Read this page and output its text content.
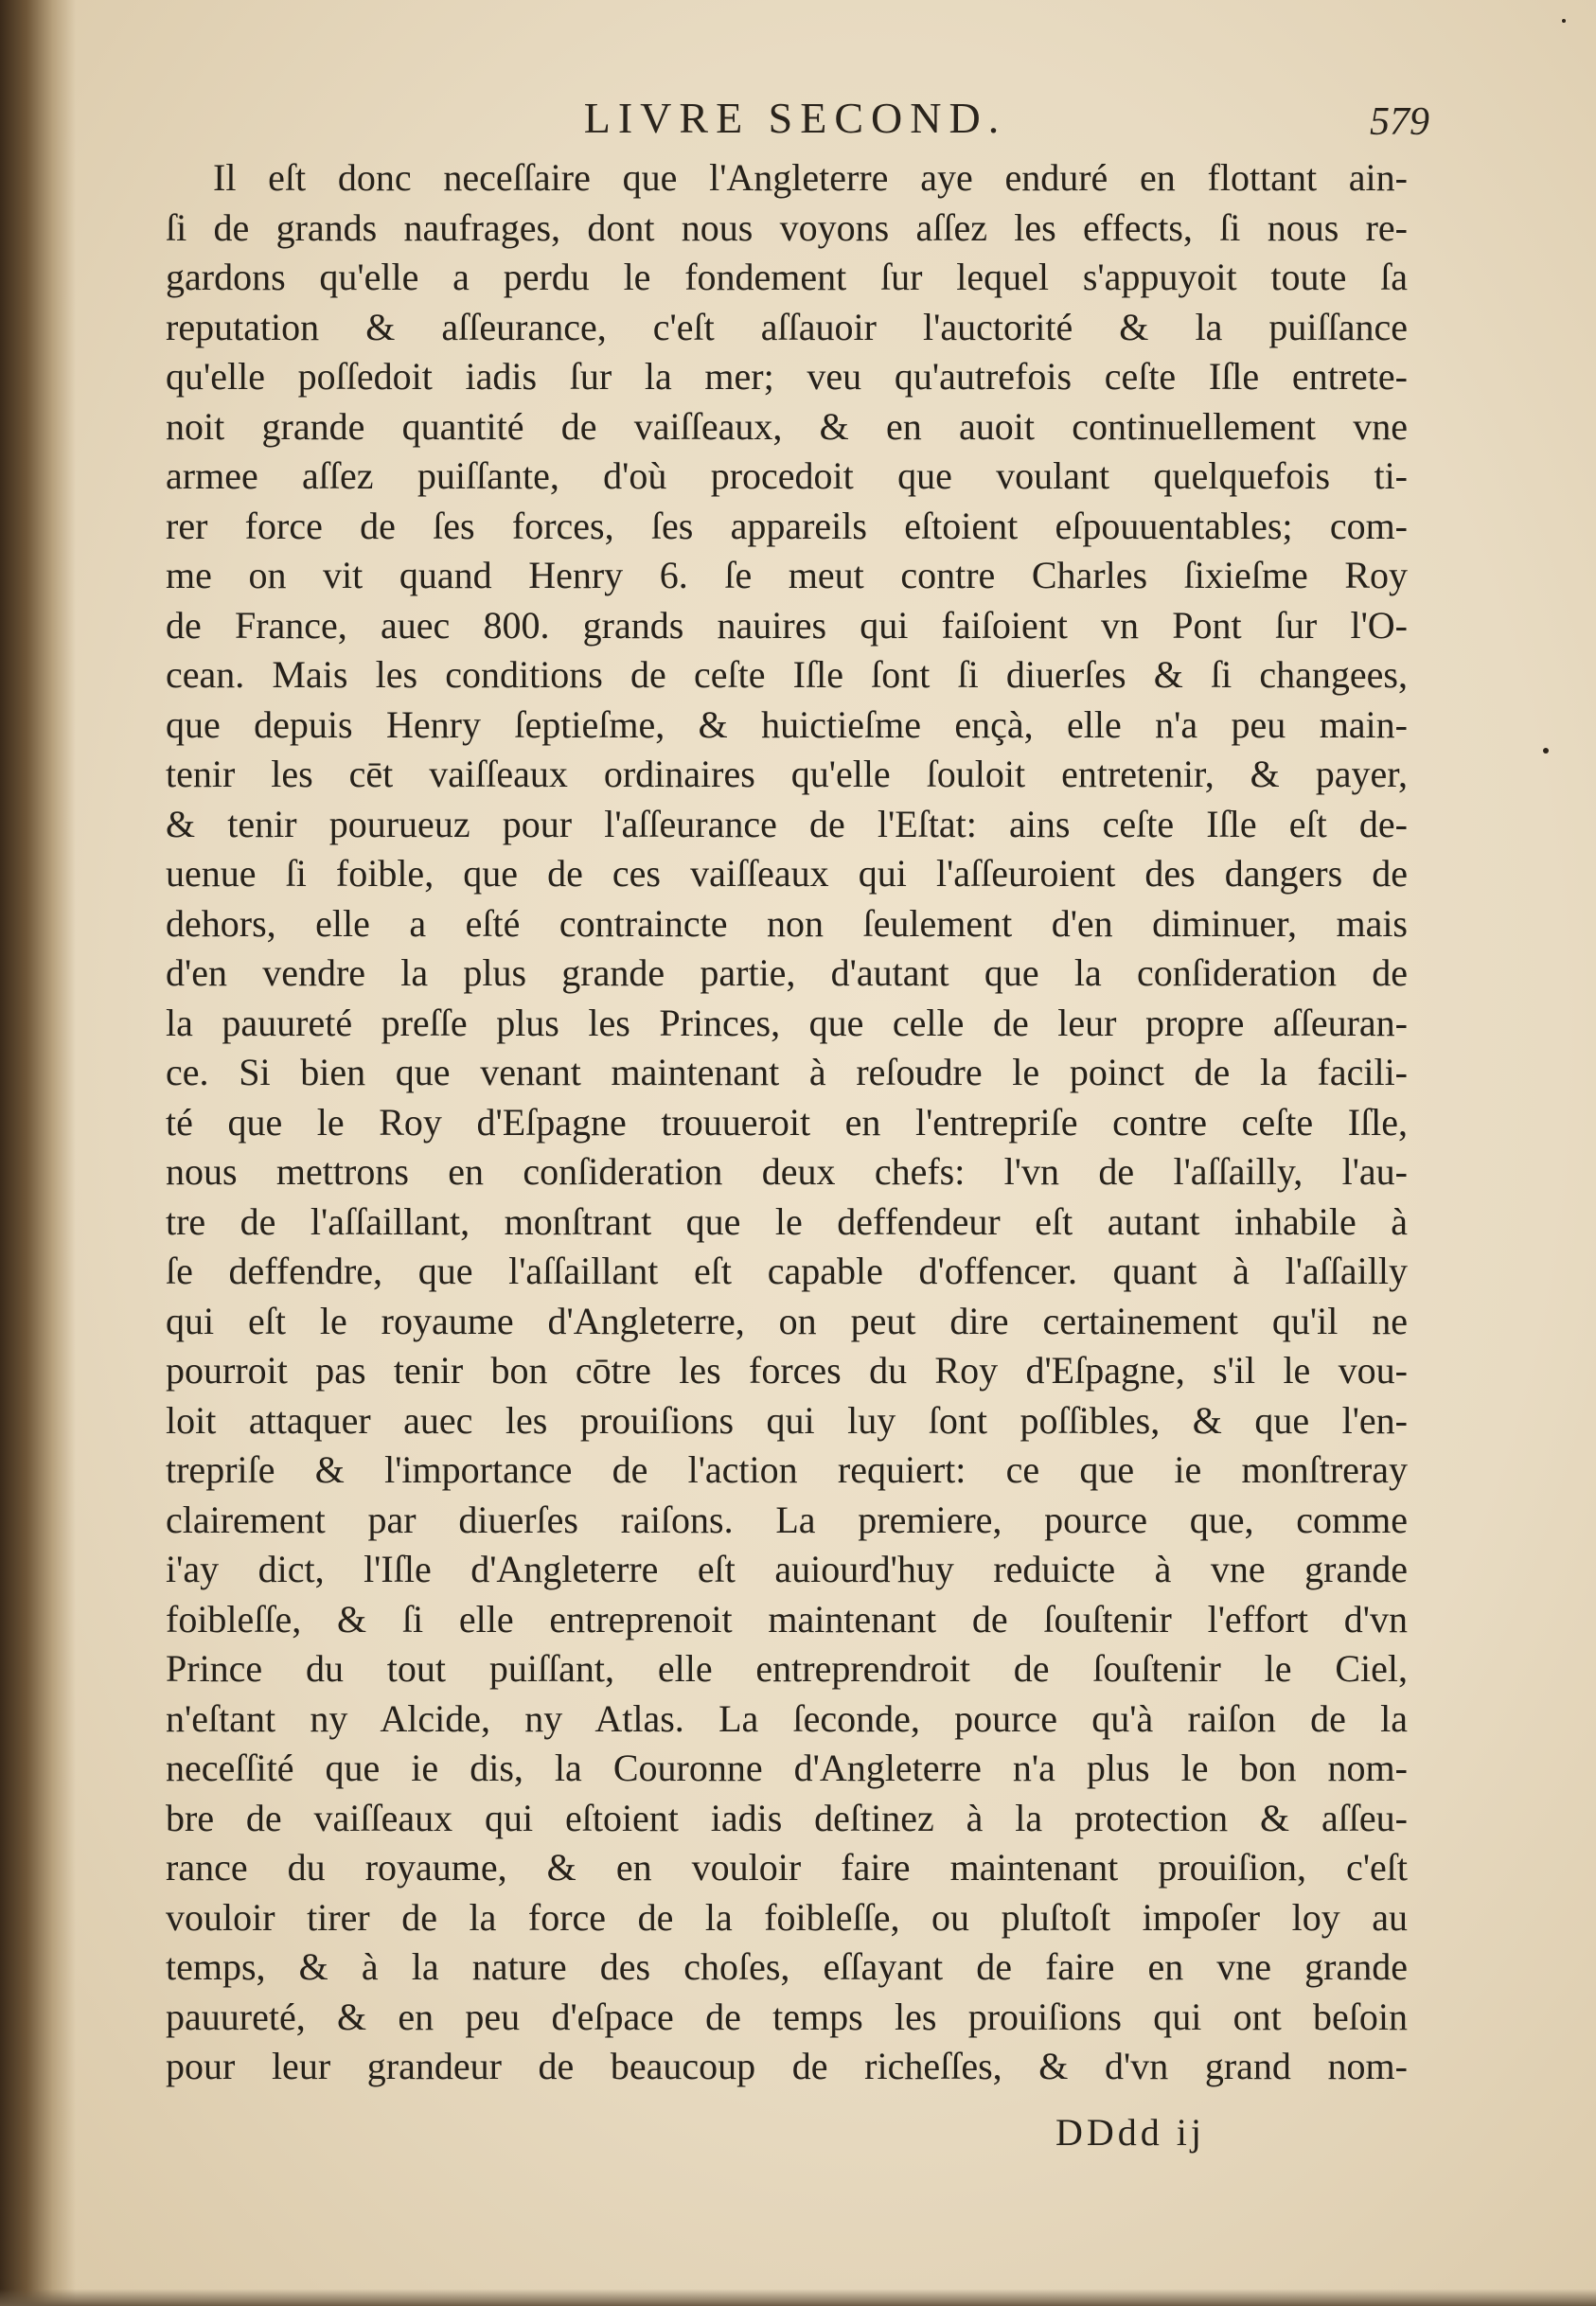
LIVRE SECOND.	579
Il eſt donc neceſſaire que l'Angleterre aye enduré en flottant ain-
ſi de grands naufrages, dont nous voyons aſſez les effects, ſi nous re-
gardons qu'elle a perdu le fondement ſur lequel s'appuyoit toute ſa
reputation & aſſeurance, c'eſt aſſauoir l'auctorité & la puiſſance
qu'elle poſſedoit iadis ſur la mer; veu qu'autrefois ceſte Iſle entrete-
noit grande quantité de vaiſſeaux, & en auoit continuellement vne
armee aſſez puiſſante, d'où procedoit que voulant quelquefois ti-
rer force de ſes forces, ſes appareils eſtoient eſpouuentables; com-
me on vit quand Henry 6. ſe meut contre Charles ſixieſme Roy
de France, auec 800. grands nauires qui faiſoient vn Pont ſur l'O-
cean. Mais les conditions de ceſte Iſle ſont ſi diuerſes & ſi changees,
que depuis Henry ſeptieſme, & huictieſme ençà, elle n'a peu main-
tenir les cēt vaiſſeaux ordinaires qu'elle ſouloit entretenir, & payer,
& tenir pourueuz pour l'aſſeurance de l'Eſtat: ains ceſte Iſle eſt de-
uenue ſi foible, que de ces vaiſſeaux qui l'aſſeuroient des dangers de
dehors, elle a eſté contraincte non ſeulement d'en diminuer, mais
d'en vendre la plus grande partie, d'autant que la conſideration de
la pauureté preſſe plus les Princes, que celle de leur propre aſſeuran-
ce. Si bien que venant maintenant à reſoudre le poinct de la facili-
té que le Roy d'Eſpagne trouueroit en l'entrepriſe contre ceſte Iſle,
nous mettrons en conſideration deux chefs: l'vn de l'aſſailly, l'au-
tre de l'aſſaillant, monſtrant que le deffendeur eſt autant inhabile à
ſe deffendre, que l'aſſaillant eſt capable d'offencer. quant à l'aſſailly
qui eſt le royaume d'Angleterre, on peut dire certainement qu'il ne
pourroit pas tenir bon cōtre les forces du Roy d'Eſpagne, s'il le vou-
loit attaquer auec les prouiſions qui luy ſont poſſibles, & que l'en-
trepriſe & l'importance de l'action requiert: ce que ie monſtreray
clairement par diuerſes raiſons. La premiere, pource que, comme
i'ay dict, l'Iſle d'Angleterre eſt auiourd'huy reduicte à vne grande
foibleſſe, & ſi elle entreprenoit maintenant de ſouſtenir l'effort d'vn
Prince du tout puiſſant, elle entreprendroit de ſouſtenir le Ciel,
n'eſtant ny Alcide, ny Atlas. La ſeconde, pource qu'à raiſon de la
neceſſité que ie dis, la Couronne d'Angleterre n'a plus le bon nom-
bre de vaiſſeaux qui eſtoient iadis deſtinez à la protection & aſſeu-
rance du royaume, & en vouloir faire maintenant prouiſion, c'eſt
vouloir tirer de la force de la foibleſſe, ou pluſtoſt impoſer loy au
temps, & à la nature des choſes, eſſayant de faire en vne grande
pauureté, & en peu d'eſpace de temps les prouiſions qui ont beſoin
pour leur grandeur de beaucoup de richeſſes, & d'vn grand nom-
DDdd ij
